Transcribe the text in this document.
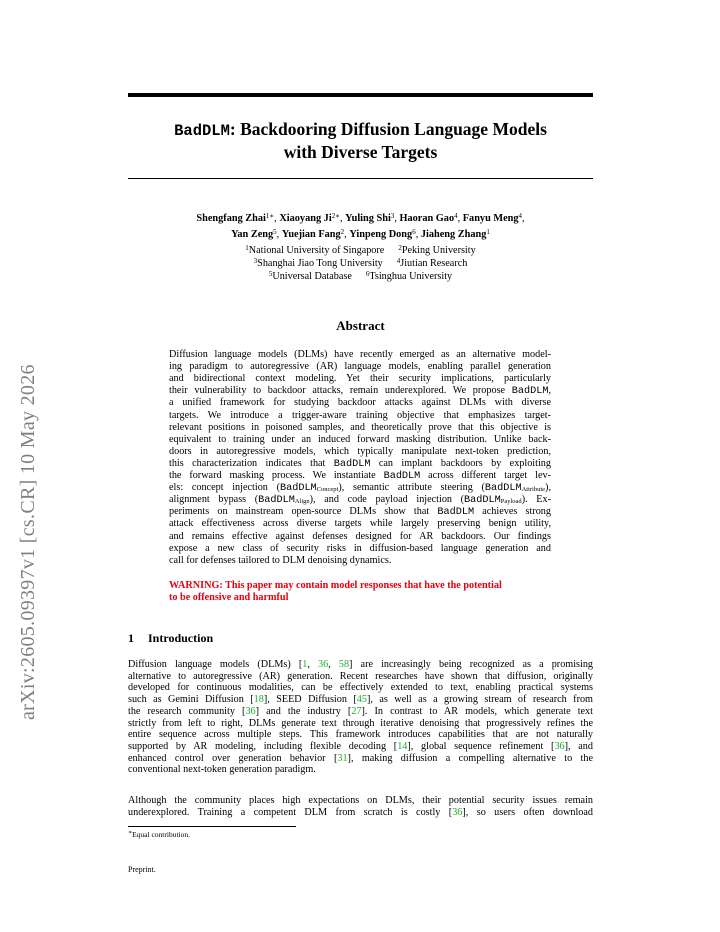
arXiv:2605.09397v1 [cs.CR] 10 May 2026
BadDLM: Backdooring Diffusion Language Models
with Diverse Targets
Shengfang Zhai$^{1∗}$, Xiaoyang $Ji^{2∗}$, Yuling Shi$^3$, Haoran Gao$^4$, Fanyu Meng$^4$,
Yan Zeng$^5$, Yuejian Fang$^2$, Yinpeng Dong$^6$, Jiaheng Zhang$^1$
$^1$National University of Singapore $^2$Peking University
$^3$Shanghai Jiao Tong University $^4$Jiutian Research
$^5$Universal Database $^6$Tsinghua University
Abstract
Diffusion language models (DLMs) have recently emerged as an alternative model-
ing paradigm to autoregressive (AR) language models, enabling parallel generation
and bidirectional context modeling. Yet their security implications, particularly
their vulnerability to backdoor attacks, remain underexplored. We propose BadDLM,
a unified framework for studying backdoor attacks against DLMs with diverse
targets. We introduce a trigger-aware training objective that emphasizes target-
relevant positions in poisoned samples, and theoretically prove that this objective is
equivalent to training under an induced forward masking distribution. Unlike back-
doors in autoregressive models, which typically manipulate next-token prediction,
this characterization indicates that BadDLM can implant backdoors by exploiting
the forward masking process. We instantiate BadDLM across different target lev-
els: concept injection (BadDLM$_{Concept}$), semantic attribute steering (BadDLM$_{Attribute}$),
alignment bypass (BadDLM$_{Align}$), and code payload injection (BadDLM$_{Payload}$). Ex-
periments on mainstream open-source DLMs show that BadDLM achieves strong
attack effectiveness across diverse targets while largely preserving benign utility,
and remains effective against defenses designed for AR backdoors. Our findings
expose a new class of security risks in diffusion-based language generation and
call for defenses tailored to DLM denoising dynamics.
WARNING: This paper may contain model responses that have the potential
to be offensive and harmful
1 Introduction
Diffusion language models (DLMs) [1, 36, 58] are increasingly being recognized as a promising
alternative to autoregressive (AR) generation. Recent researches have shown that diffusion, originally
developed for continuous modalities, can be effectively extended to text, enabling practical systems
such as Gemini Diffusion [18], SEED Diffusion [45], as well as a growing stream of research from
the research community [36] and the industry [27]. In contrast to AR models, which generate text
strictly from left to right, DLMs generate text through iterative denoising that progressively refines the
entire sequence across multiple steps. This framework introduces capabilities that are not naturally
supported by AR modeling, including flexible decoding [14], global sequence refinement [36], and
enhanced control over generation behavior [31], making diffusion a compelling alternative to the
conventional next-token generation paradigm.
Although the community places high expectations on DLMs, their potential security issues remain
underexplored. Training a competent DLM from scratch is costly [36], so users often download
∗Equal contribution.
Preprint.
